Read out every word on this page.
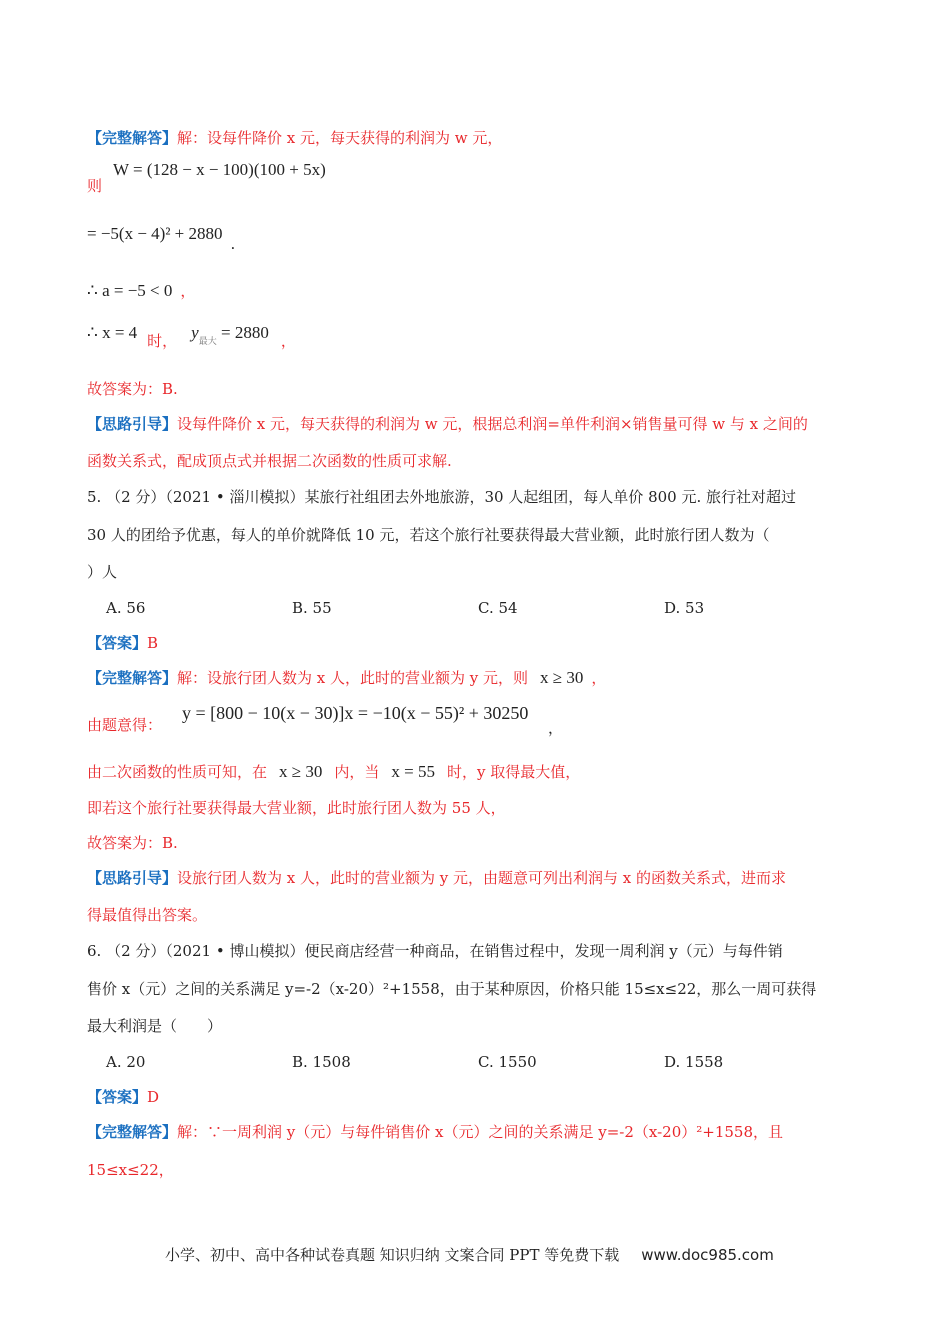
【完整解答】解：设每件降价 x 元，每天获得的利润为 w 元，
W = (128 − x − 100)(100 + 5x)
则
= −5(x − 4)² + 2880.
∴ a = −5 < 0 ，
∴ x = 4 时， $y_{最大} = 2880$ ，
故答案为：B.
【思路引导】设每件降价 x 元，每天获得的利润为 w 元，根据总利润=单件利润×销售量可得 w 与 x 之间的
函数关系式，配成顶点式并根据二次函数的性质可求解.
5. （2 分）（2021 • 淄川模拟）某旅行社组团去外地旅游，30 人起组团，每人单价 800 元. 旅行社对超过
30 人的团给予优惠，每人的单价就降低 10 元，若这个旅行社要获得最大营业额，此时旅行团人数为（
）人
A. 56	B. 55	C. 54	D. 53
【答案】B
【完整解答】解：设旅行团人数为 x 人，此时的营业额为 y 元，则 x ≥ 30 ，
由题意得：
y = [800 − 10(x − 30)]x = −10(x − 55)² + 30250
，
由二次函数的性质可知，在 x ≥ 30 内，当 x = 55 时，y 取得最大值，
即若这个旅行社要获得最大营业额，此时旅行团人数为 55 人，
故答案为：B.
【思路引导】设旅行团人数为 x 人，此时的营业额为 y 元，由题意可列出利润与 x 的函数关系式，进而求
得最值得出答案。
6. （2 分）（2021 • 博山模拟）便民商店经营一种商品，在销售过程中，发现一周利润 y（元）与每件销
售价 x（元）之间的关系满足 y=-2（x-20）²+1558，由于某种原因，价格只能 15≤x≤22，那么一周可获得
最大利润是（　　）
A. 20	B. 1508	C. 1550	D. 1558
【答案】D
【完整解答】解：∵一周利润 y（元）与每件销售价 x（元）之间的关系满足 y=-2（x-20）²+1558，且
15≤x≤22，
小学、初中、高中各种试卷真题 知识归纳 文案合同 PPT 等免费下载 www.doc985.com
